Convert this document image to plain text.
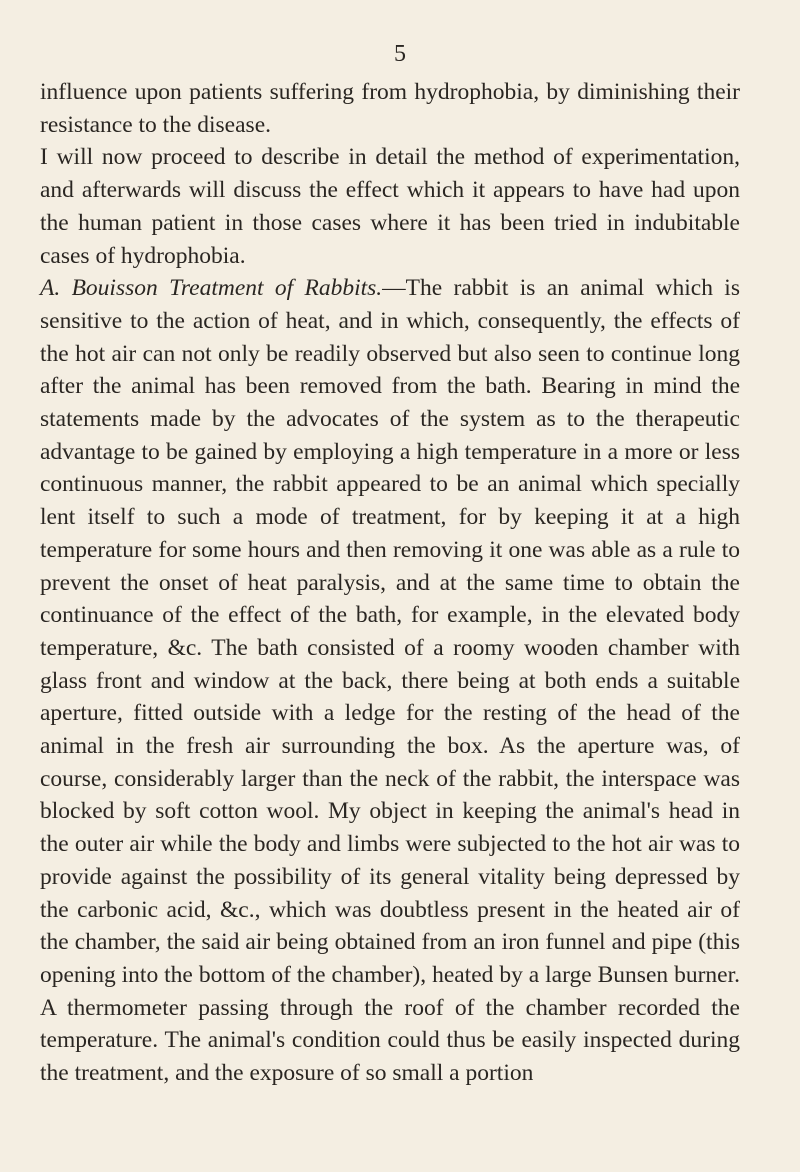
5

influence upon patients suffering from hydrophobia, by diminishing their resistance to the disease.

I will now proceed to describe in detail the method of experimentation, and afterwards will discuss the effect which it appears to have had upon the human patient in those cases where it has been tried in indubitable cases of hydrophobia.

A. Bouisson Treatment of Rabbits.—The rabbit is an animal which is sensitive to the action of heat, and in which, consequently, the effects of the hot air can not only be readily observed but also seen to continue long after the animal has been removed from the bath. Bearing in mind the statements made by the advocates of the system as to the therapeutic advantage to be gained by employing a high temperature in a more or less continuous manner, the rabbit appeared to be an animal which specially lent itself to such a mode of treatment, for by keeping it at a high temperature for some hours and then removing it one was able as a rule to prevent the onset of heat paralysis, and at the same time to obtain the continuance of the effect of the bath, for example, in the elevated body temperature, &c. The bath consisted of a roomy wooden chamber with glass front and window at the back, there being at both ends a suitable aperture, fitted outside with a ledge for the resting of the head of the animal in the fresh air surrounding the box. As the aperture was, of course, considerably larger than the neck of the rabbit, the interspace was blocked by soft cotton wool. My object in keeping the animal's head in the outer air while the body and limbs were subjected to the hot air was to provide against the possibility of its general vitality being depressed by the carbonic acid, &c., which was doubtless present in the heated air of the chamber, the said air being obtained from an iron funnel and pipe (this opening into the bottom of the chamber), heated by a large Bunsen burner. A thermometer passing through the roof of the chamber recorded the temperature. The animal's condition could thus be easily inspected during the treatment, and the exposure of so small a portion
